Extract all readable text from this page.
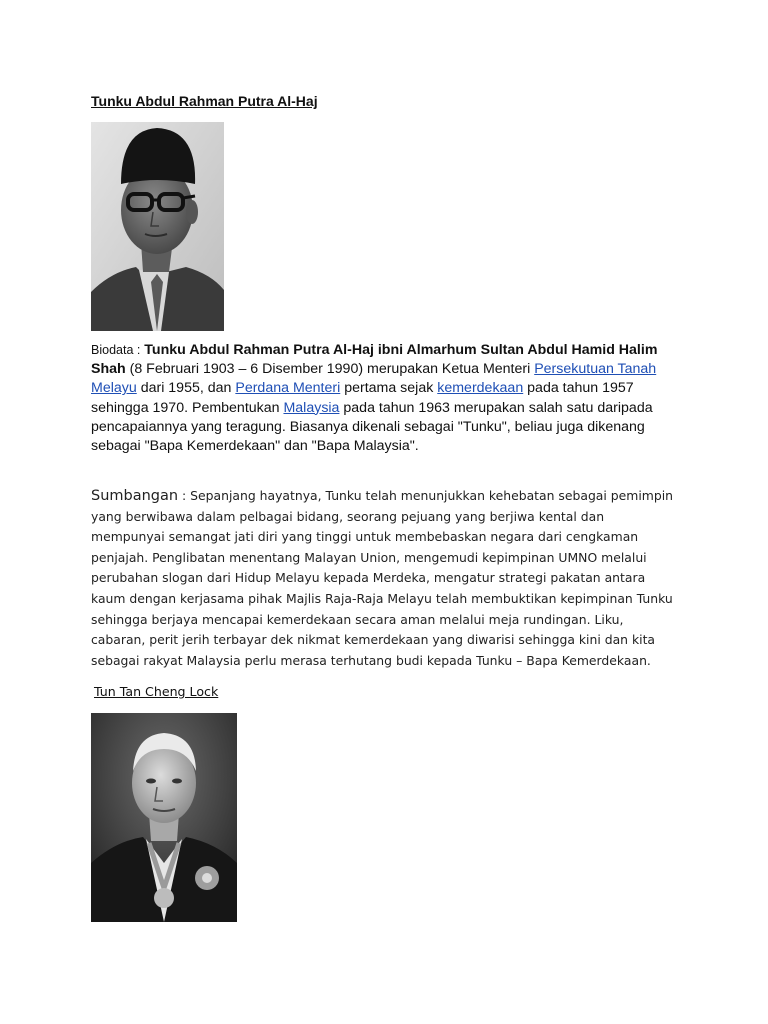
Tunku Abdul Rahman Putra Al-Haj
Biodata : Tunku Abdul Rahman Putra Al-Haj ibni Almarhum Sultan Abdul Hamid Halim Shah (8 Februari 1903 – 6 Disember 1990) merupakan Ketua Menteri Persekutuan Tanah Melayu dari 1955, dan Perdana Menteri pertama sejak kemerdekaan pada tahun 1957 sehingga 1970. Pembentukan Malaysia pada tahun 1963 merupakan salah satu daripada pencapaiannya yang teragung. Biasanya dikenali sebagai "Tunku", beliau juga dikenang sebagai "Bapa Kemerdekaan" dan "Bapa Malaysia".
Sumbangan : Sepanjang hayatnya, Tunku telah menunjukkan kehebatan sebagai pemimpin yang berwibawa dalam pelbagai bidang, seorang pejuang yang berjiwa kental dan mempunyai semangat jati diri yang tinggi untuk membebaskan negara dari cengkaman penjajah. Penglibatan menentang Malayan Union, mengemudi kepimpinan UMNO melalui perubahan slogan dari Hidup Melayu kepada Merdeka, mengatur strategi pakatan antara kaum dengan kerjasama pihak Majlis Raja-Raja Melayu telah membuktikan kepimpinan Tunku sehingga berjaya mencapai kemerdekaan secara aman melalui meja rundingan. Liku, cabaran, perit jerih terbayar dek nikmat kemerdekaan yang diwarisi sehingga kini dan kita sebagai rakyat Malaysia perlu merasa terhutang budi kepada Tunku – Bapa Kemerdekaan.
Tun Tan Cheng Lock
